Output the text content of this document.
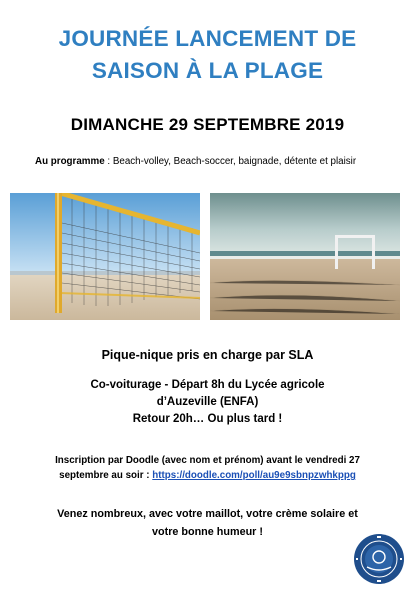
JOURNÉE LANCEMENT DE
SAISON À LA PLAGE
DIMANCHE 29 SEPTEMBRE 2019
Au programme : Beach-volley, Beach-soccer, baignade, détente et plaisir
Pique-nique pris en charge par SLA
Co-voiturage - Départ 8h du Lycée agricole
d’Auzeville (ENFA)
Retour 20h… Ou plus tard !
Inscription par Doodle (avec nom et prénom) avant le vendredi 27
septembre au soir : https://doodle.com/poll/au9e9sbnpzwhkppg
Venez nombreux, avec votre maillot, votre crème solaire et
votre bonne humeur !
